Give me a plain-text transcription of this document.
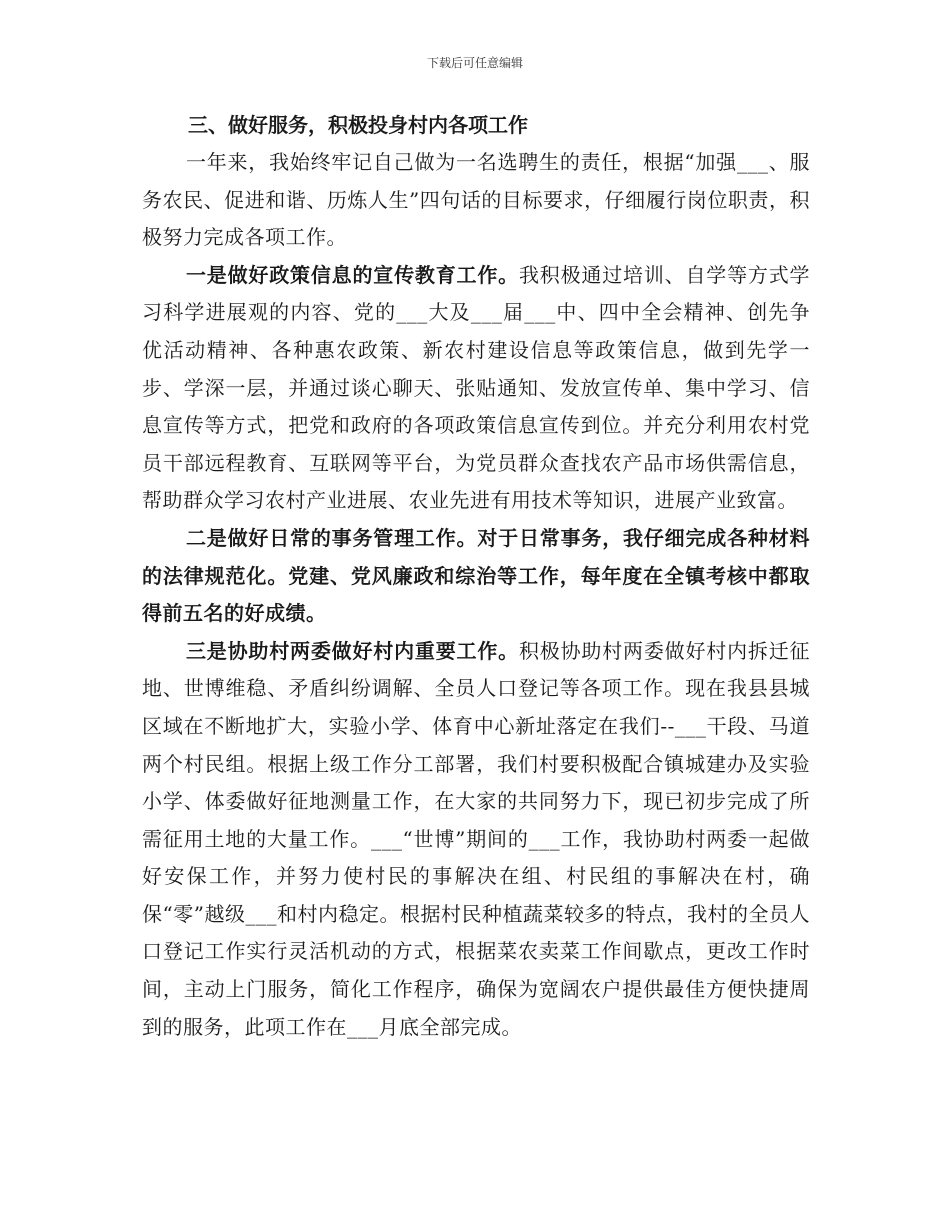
下载后可任意编辑

三、做好服务，积极投身村内各项工作

一年来，我始终牢记自己做为一名选聘生的责任，根据“加强___、服务农民、促进和谐、历炼人生”四句话的目标要求，仔细履行岗位职责，积极努力完成各项工作。

一是做好政策信息的宣传教育工作。我积极通过培训、自学等方式学习科学进展观的内容、党的___大及___届___中、四中全会精神、创先争优活动精神、各种惠农政策、新农村建设信息等政策信息，做到先学一步、学深一层，并通过谈心聊天、张贴通知、发放宣传单、集中学习、信息宣传等方式，把党和政府的各项政策信息宣传到位。并充分利用农村党员干部远程教育、互联网等平台，为党员群众查找农产品市场供需信息，帮助群众学习农村产业进展、农业先进有用技术等知识，进展产业致富。

二是做好日常的事务管理工作。对于日常事务，我仔细完成各种材料的法律规范化。党建、党风廉政和综治等工作，每年度在全镇考核中都取得前五名的好成绩。

三是协助村两委做好村内重要工作。积极协助村两委做好村内拆迁征地、世博维稳、矛盾纠纷调解、全员人口登记等各项工作。现在我县县城区域在不断地扩大，实验小学、体育中心新址落定在我们--___干段、马道两个村民组。根据上级工作分工部署，我们村要积极配合镇城建办及实验小学、体委做好征地测量工作，在大家的共同努力下，现已初步完成了所需征用土地的大量工作。___“世博”期间的___工作，我协助村两委一起做好安保工作，并努力使村民的事解决在组、村民组的事解决在村，确保“零”越级___和村内稳定。根据村民种植蔬菜较多的特点，我村的全员人口登记工作实行灵活机动的方式，根据菜农卖菜工作间歇点，更改工作时间，主动上门服务，简化工作程序，确保为宽阔农户提供最佳方便快捷周到的服务，此项工作在___月底全部完成。
